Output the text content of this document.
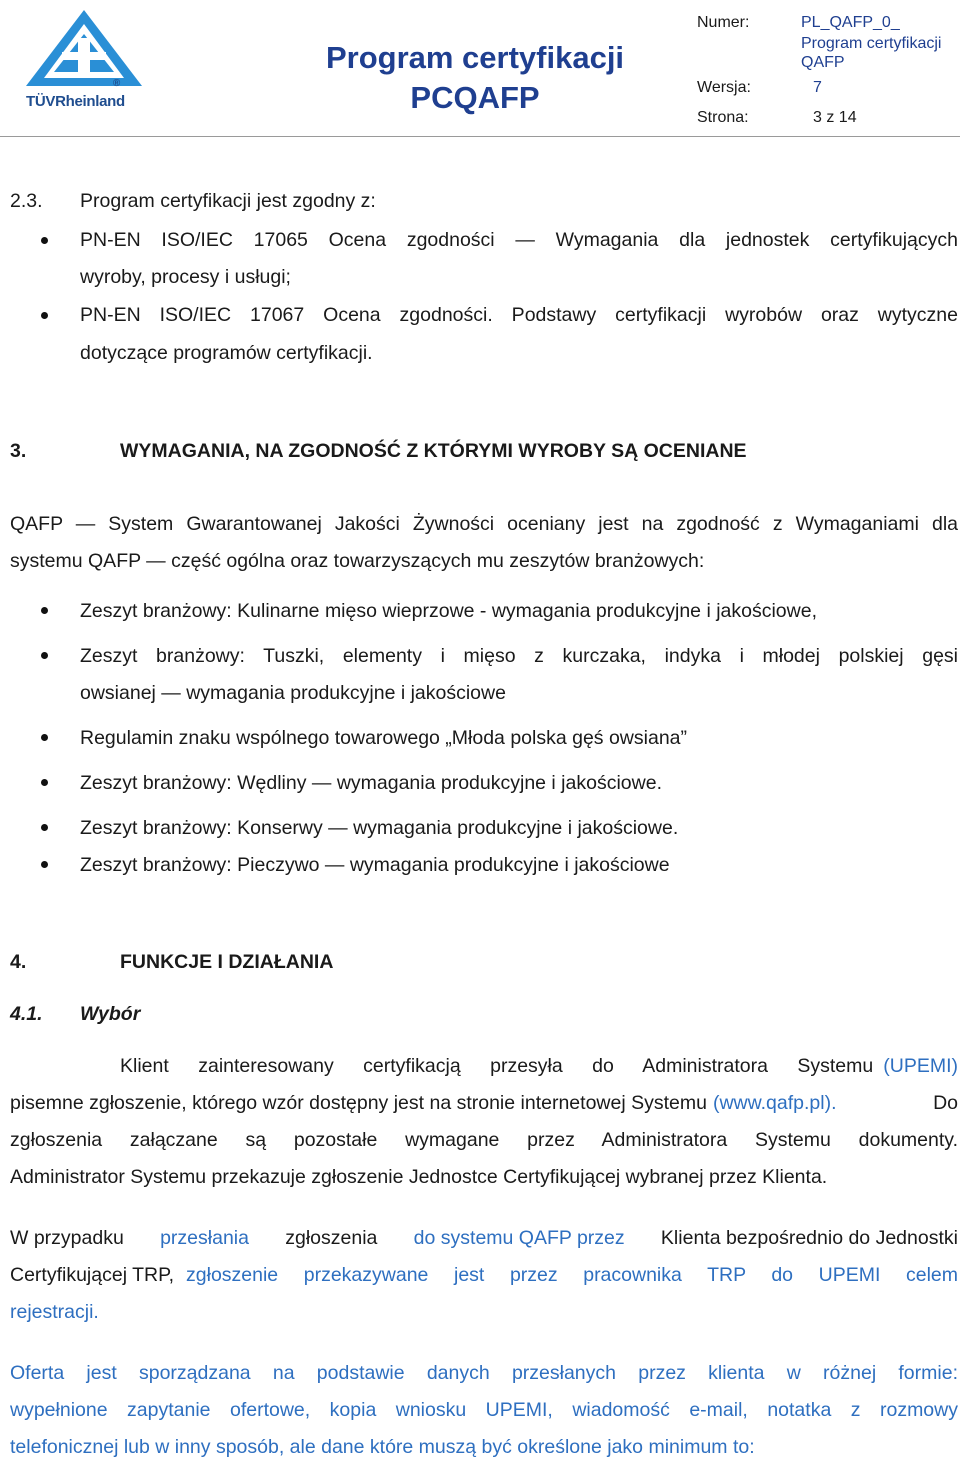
TÜVRheinland®
Program certyfikacji
PCQAFP
Numer:	PL_QAFP_0_
Program certyfikacji
QAFP
Wersja:	7
Strona:	3 z 14
2.3. Program certyfikacji jest zgodny z:
PN-EN ISO/IEC 17065 Ocena zgodności — Wymagania dla jednostek certyfikujących
wyroby, procesy i usługi;
PN-EN ISO/IEC 17067 Ocena zgodności. Podstawy certyfikacji wyrobów oraz wytyczne
dotyczące programów certyfikacji.
3.	WYMAGANIA, NA ZGODNOŚĆ Z KTÓRYMI WYROBY SĄ OCENIANE
QAFP — System Gwarantowanej Jakości Żywności oceniany jest na zgodność z Wymaganiami dla
systemu QAFP — część ogólna oraz towarzyszących mu zeszytów branżowych:
Zeszyt branżowy: Kulinarne mięso wieprzowe - wymagania produkcyjne i jakościowe,
Zeszyt branżowy: Tuszki, elementy i mięso z kurczaka, indyka i młodej polskiej gęsi
owsianej — wymagania produkcyjne i jakościowe
Regulamin znaku wspólnego towarowego „Młoda polska gęś owsiana”
Zeszyt branżowy: Wędliny — wymagania produkcyjne i jakościowe.
Zeszyt branżowy: Konserwy — wymagania produkcyjne i jakościowe.
Zeszyt branżowy: Pieczywo — wymagania produkcyjne i jakościowe
4.	FUNKCJE I DZIAŁANIA
4.1. Wybór
Klient zainteresowany certyfikacją przesyła do Administratora Systemu (UPEMI)
pisemne zgłoszenie, którego wzór dostępny jest na stronie internetowej Systemu (www.qafp.pl).	Do
zgłoszenia załączane są pozostałe wymagane przez Administratora Systemu dokumenty.
Administrator Systemu przekazuje zgłoszenie Jednostce Certyfikującej wybranej przez Klienta.
W przypadku przesłania zgłoszenia do systemu QAFP przez Klienta bezpośrednio do Jednostki
Certyfikującej TRP, zgłoszenie przekazywane jest przez pracownika TRP do UPEMI celem
rejestracji.
Oferta jest sporządzana na podstawie danych przesłanych przez klienta w różnej formie:
wypełnione zapytanie ofertowe, kopia wniosku UPEMI, wiadomość e-mail, notatka z rozmowy
telefonicznej lub w inny sposób, ale dane które muszą być określone jako minimum to:
